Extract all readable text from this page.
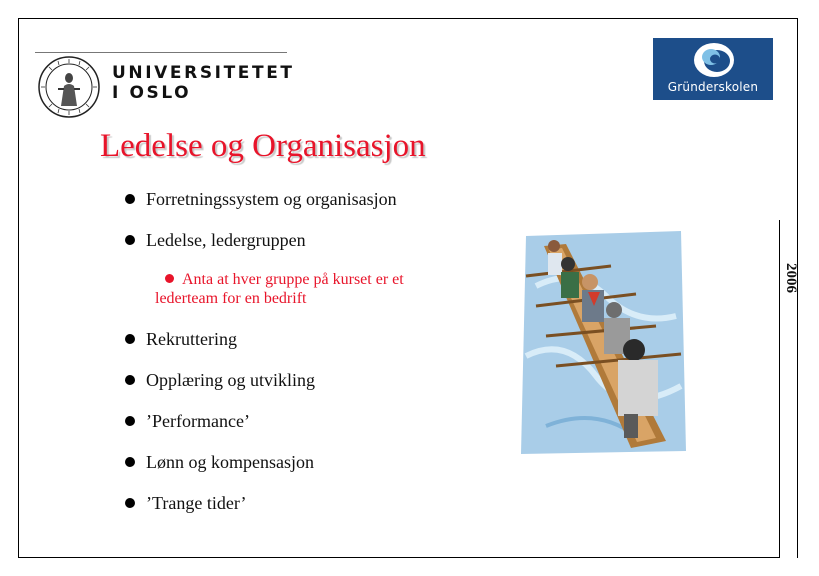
UNIVERSITETET
I OSLO	Gründerskolen
Ledelse og Organisasjon
Forretningssystem og organisasjon
Ledelse, ledergruppen
Anta at hver gruppe på kurset er et lederteam for en bedrift
Rekruttering
Opplæring og utvikling
’Performance’
Lønn og kompensasjon
’Trange tider’
2006
